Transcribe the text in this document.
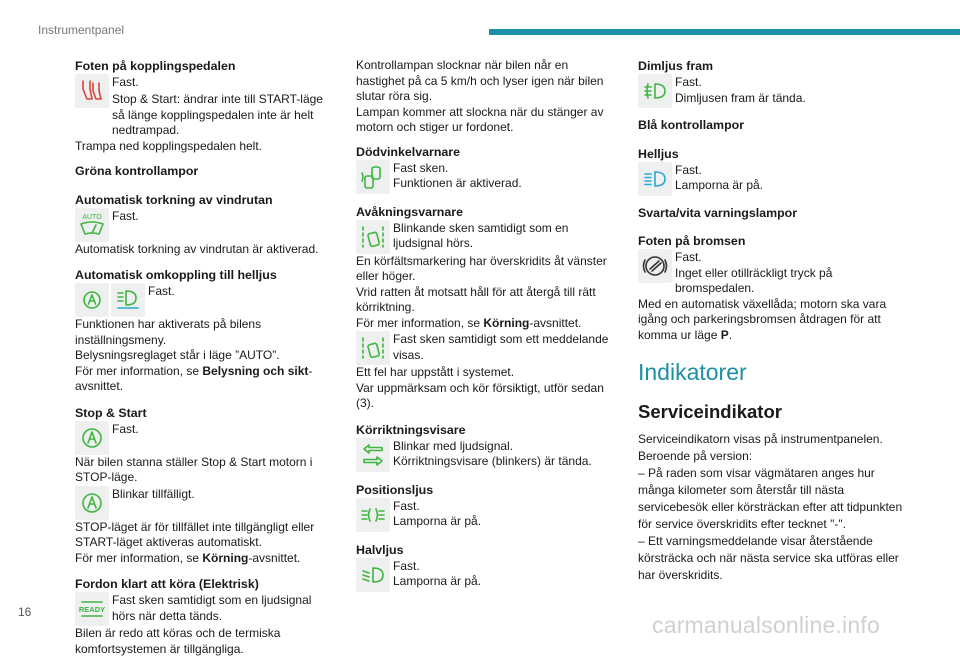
Instrumentpanel
Foten på kopplingspedalen

Fast.

Stop & Start: ändrar inte till START-läge så länge kopplingspedalen inte är helt nedtrampad.

Trampa ned kopplingspedalen helt.

Gröna kontrollampor
Automatisk torkning av vindrutan
AUTO Fast.

Automatisk torkning av vindrutan är aktiverad.

Automatisk omkoppling till helljus

Fast.

Funktionen har aktiverats på bilens inställningsmeny.

Belysningsreglaget står i läge ”AUTO”.

För mer information, se Belysning och sikt-avsnittet.

Stop & Start

Fast.

När bilen stanna ställer Stop & Start motorn i STOP-läge.

Blinkar tillfälligt.

STOP-läget är för tillfället inte tillgängligt eller START-läget aktiveras automatiskt.

För mer information, se Körning-avsnittet.

Fordon klart att köra (Elektrisk)
READY

Fast sken samtidigt som en ljudsignal hörs när detta tänds.

Bilen är redo att köras och de termiska komfortsystemen är tillgängliga.

Kontrollampan slocknar när bilen når en hastighet på ca 5 km/h och lyser igen när bilen slutar röra sig.

Lampan kommer att slockna när du stänger av motorn och stiger ur fordonet.

Dödvinkelvarnare

Fast sken.

Funktionen är aktiverad.

Avåkningsvarnare

Blinkande sken samtidigt som en ljudsignal hörs.

En körfältsmarkering har överskridits åt vänster eller höger.

Vrid ratten åt motsatt håll för att återgå till rätt körriktning.

För mer information, se Körning-avsnittet.

Fast sken samtidigt som ett meddelande visas.

Ett fel har uppstått i systemet.

Var uppmärksam och kör försiktigt, utför sedan (3).

Körriktningsvisare

Blinkar med ljudsignal.

Körriktningsvisare (blinkers) är tända.

Positionsljus

Fast.

Lamporna är på.

Halvljus

Fast.

Lamporna är på.

Dimljus fram

Fast.

Dimljusen fram är tända.

Blå kontrollampor
Helljus

Fast.

Lamporna är på.

Svarta/vita varningslampor
Foten på bromsen

Fast.

Inget eller otillräckligt tryck på bromspedalen.

Med en automatisk växellåda; motorn ska vara igång och parkeringsbromsen åtdragen för att komma ur läge P.

Indikatorer
Serviceindikator

Serviceindikatorn visas på instrumentpanelen.

Beroende på version:

– På raden som visar vägmätaren anges hur många kilometer som återstår till nästa servicebesök eller körsträckan efter att tidpunkten för service överskridits efter tecknet "-".

– Ett varningsmeddelande visar återstående körsträcka och när nästa service ska utföras eller har överskridits.

16	carmanualsonline.info
